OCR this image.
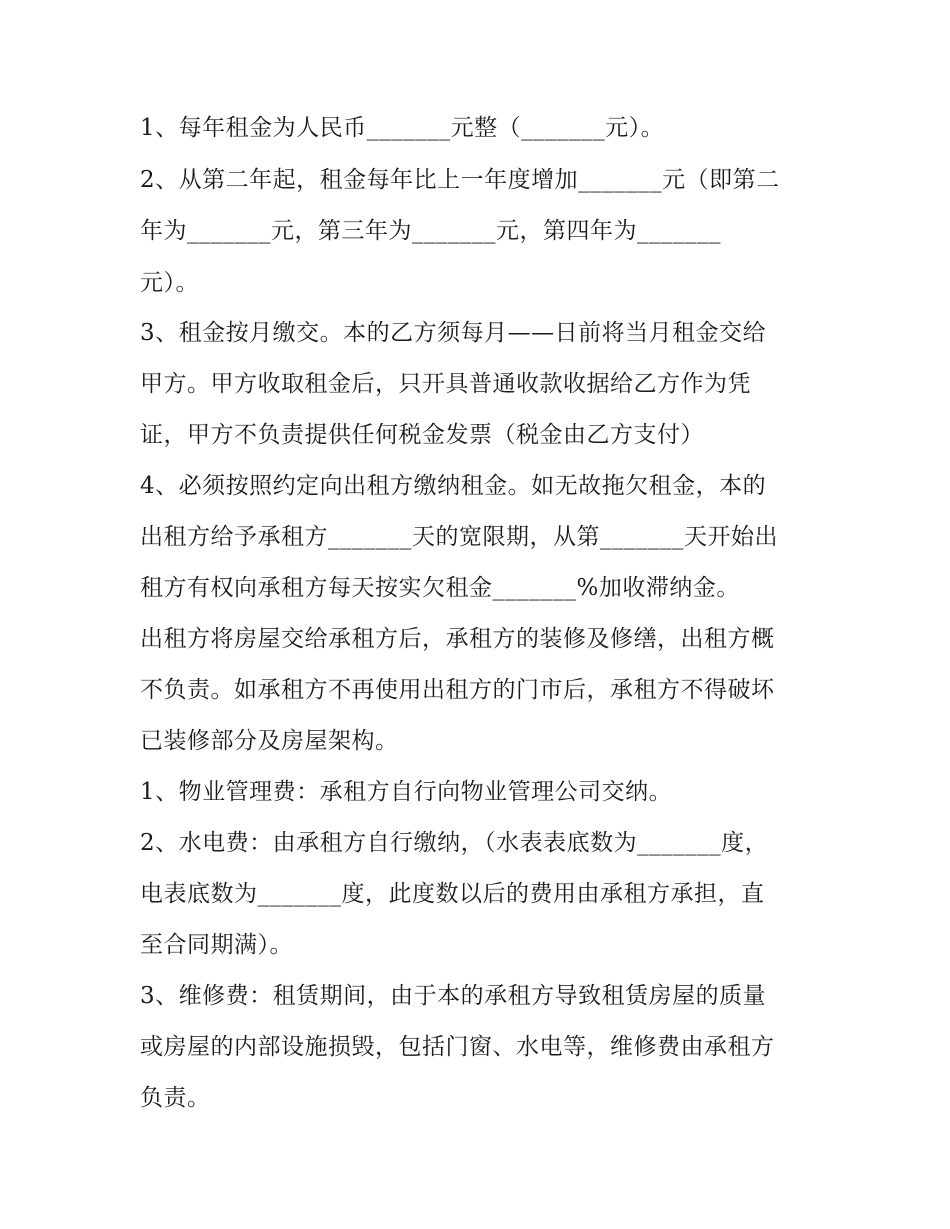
1、每年租金为人民币_______元整（_______元）。
2、从第二年起，租金每年比上一年度增加_______元（即第二
年为_______元，第三年为_______元，第四年为_______
元）。
3、租金按月缴交。本的乙方须每月——日前将当月租金交给
甲方。甲方收取租金后，只开具普通收款收据给乙方作为凭
证，甲方不负责提供任何税金发票（税金由乙方支付）
4、必须按照约定向出租方缴纳租金。如无故拖欠租金，本的
出租方给予承租方_______天的宽限期，从第_______天开始出
租方有权向承租方每天按实欠租金_______%加收滞纳金。
出租方将房屋交给承租方后，承租方的装修及修缮，出租方概
不负责。如承租方不再使用出租方的门市后，承租方不得破坏
已装修部分及房屋架构。
1、物业管理费：承租方自行向物业管理公司交纳。
2、水电费：由承租方自行缴纳，（水表表底数为_______度，
电表底数为_______度，此度数以后的费用由承租方承担，直
至合同期满）。
3、维修费：租赁期间，由于本的承租方导致租赁房屋的质量
或房屋的内部设施损毁，包括门窗、水电等，维修费由承租方
负责。
